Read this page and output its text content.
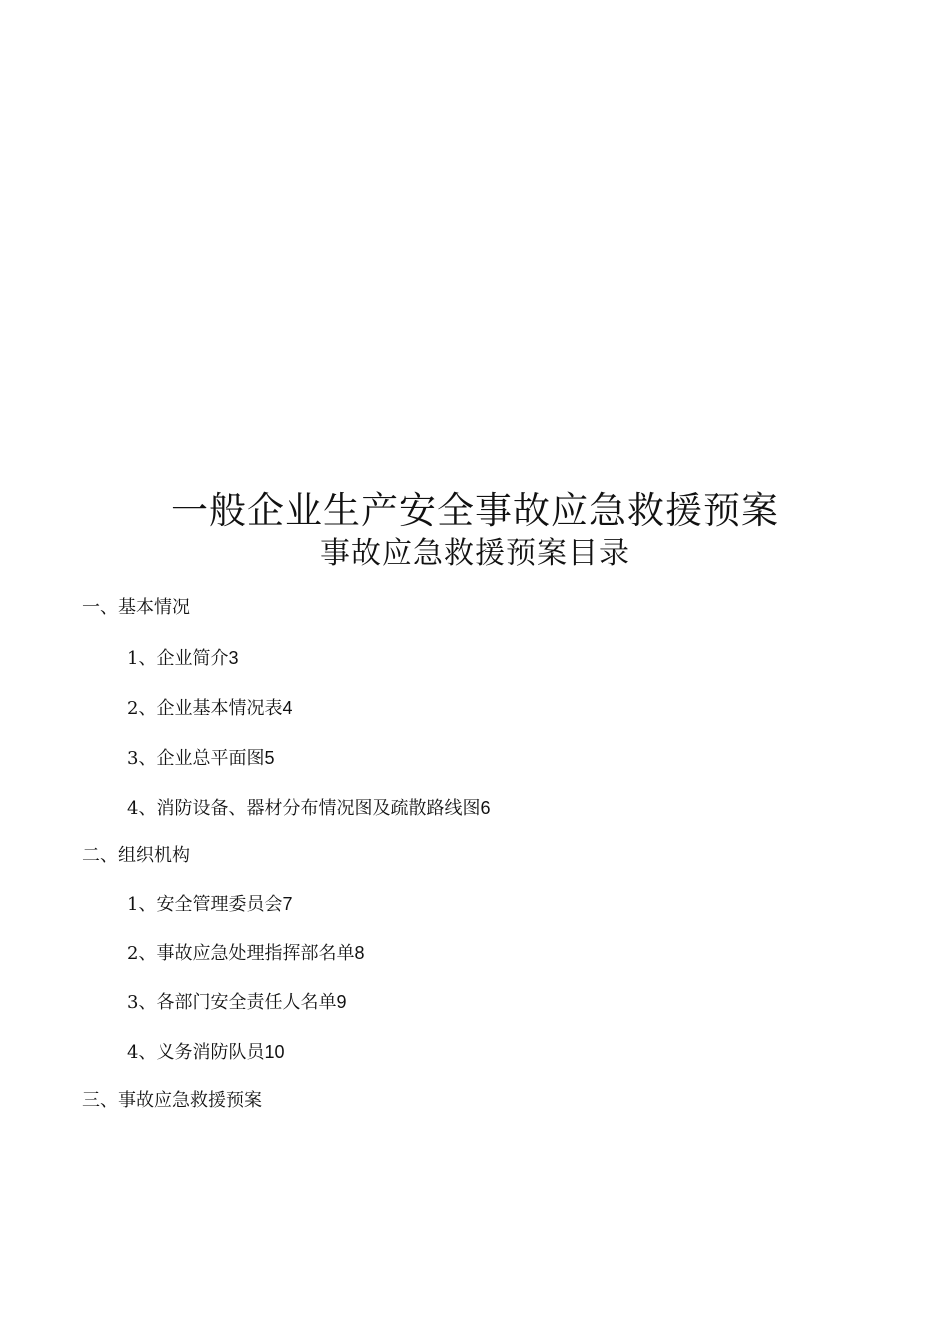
一般企业生产安全事故应急救援预案
事故应急救援预案目录
一、基本情况
1、企业简介3
2、企业基本情况表4
3、企业总平面图5
4、消防设备、器材分布情况图及疏散路线图6
二、组织机构
1、安全管理委员会7
2、事故应急处理指挥部名单8
3、各部门安全责任人名单9
4、义务消防队员10
三、事故应急救援预案
